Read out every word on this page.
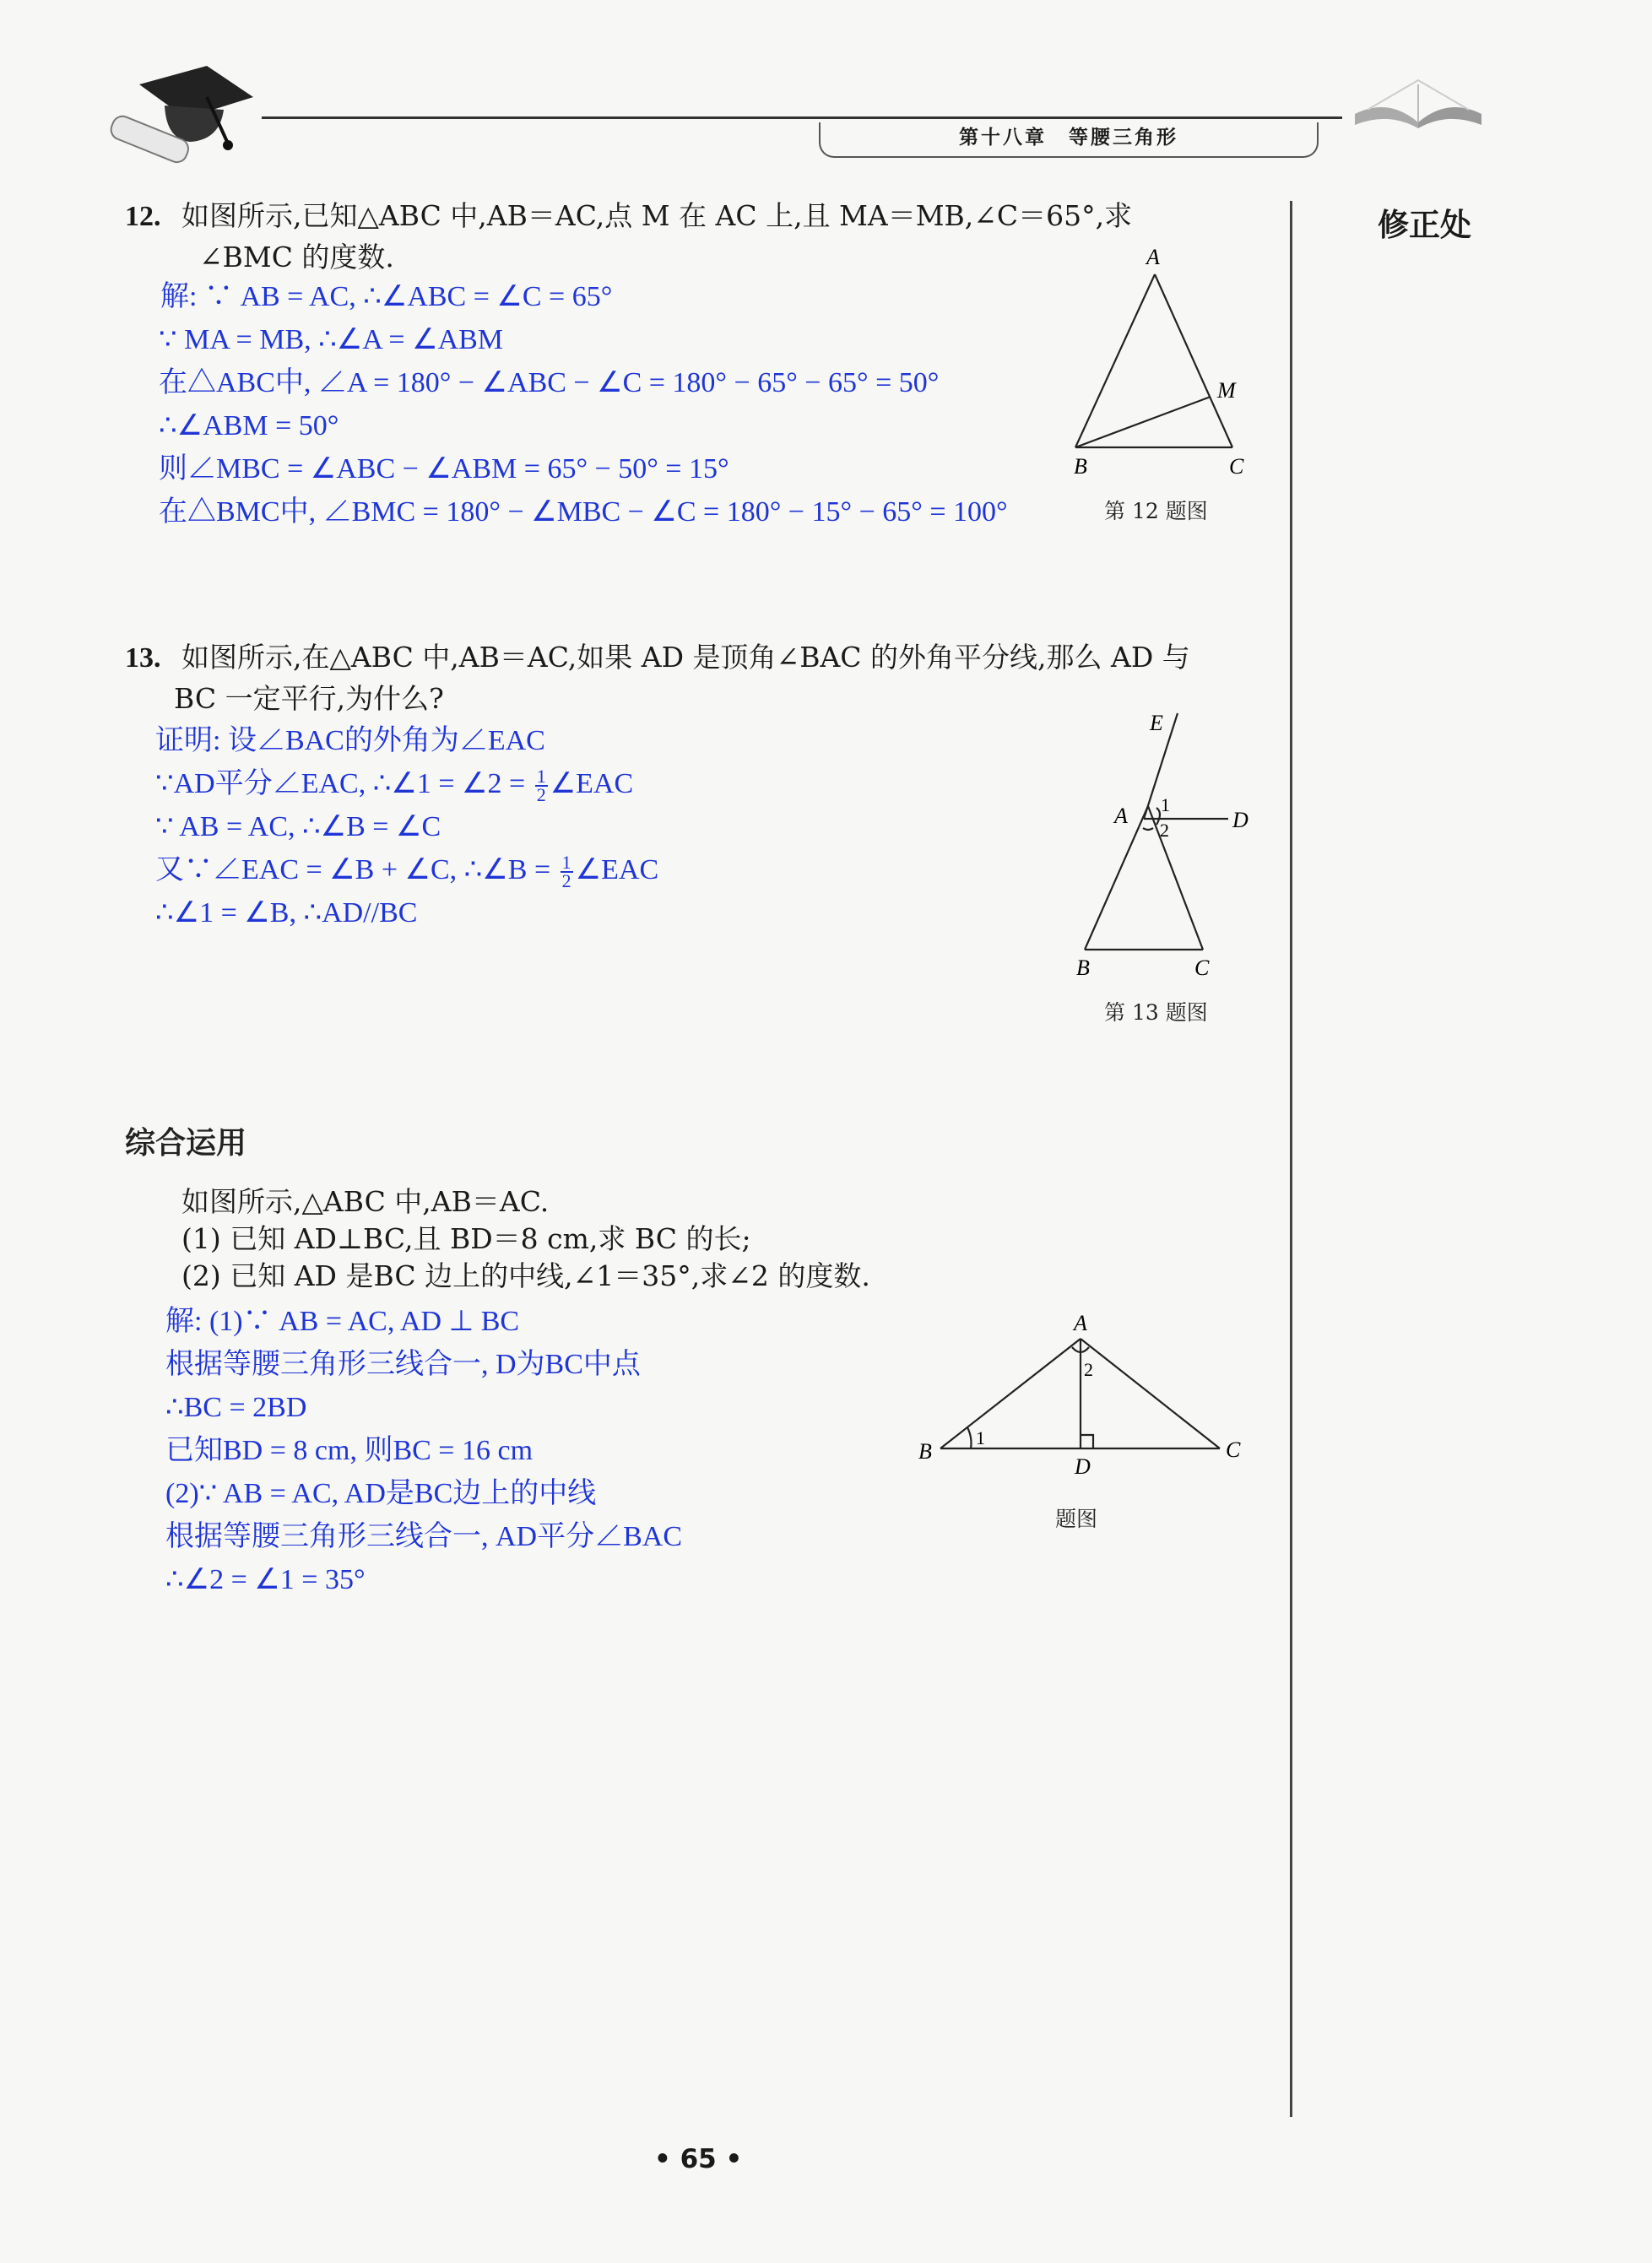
第十八章　等腰三角形
修正处
12. 如图所示,已知△ABC 中,AB＝AC,点 M 在 AC 上,且 MA＝MB,∠C＝65°,求
∠BMC 的度数.
解: ∵ AB = AC, ∴∠ABC = ∠C = 65°
∵ MA = MB, ∴∠A = ∠ABM
在△ABC中, ∠A = 180° − ∠ABC − ∠C = 180° − 65° − 65° = 50°
∴∠ABM = 50°
则∠MBC = ∠ABC − ∠ABM = 65° − 50° = 15°
在△BMC中, ∠BMC = 180° − ∠MBC − ∠C = 180° − 15° − 65° = 100°
A
M
B	C
第 12 题图
13. 如图所示,在△ABC 中,AB＝AC,如果 AD 是顶角∠BAC 的外角平分线,那么 AD 与
BC 一定平行,为什么?
证明: 设∠BAC的外角为∠EAC
∵AD平分∠EAC, ∴∠1 = ∠2 = $\frac{1}{2}$ ∠EAC
∵ AB = AC, ∴∠B = ∠C
又∵∠EAC = ∠B + ∠C, ∴∠B = $\frac{1}{2}$ ∠EAC
∴∠1 = ∠B, ∴AD//BC
E
A	D
1
2
B	C
第 13 题图
综合运用
如图所示,△ABC 中,AB＝AC.
(1) 已知 AD⊥BC,且 BD＝8 cm,求 BC 的长;
(2) 已知 AD 是BC 边上的中线,∠1＝35°,求∠2 的度数.
解: (1)∵ AB = AC, AD ⊥ BC
根据等腰三角形三线合一, D为BC中点
∴BC = 2BD
已知BD = 8 cm, 则BC = 16 cm
(2)∵ AB = AC, AD是BC边上的中线
根据等腰三角形三线合一, AD平分∠BAC
∴∠2 = ∠1 = 35°
A
2
B
1
D
C
题图
• 65 •
